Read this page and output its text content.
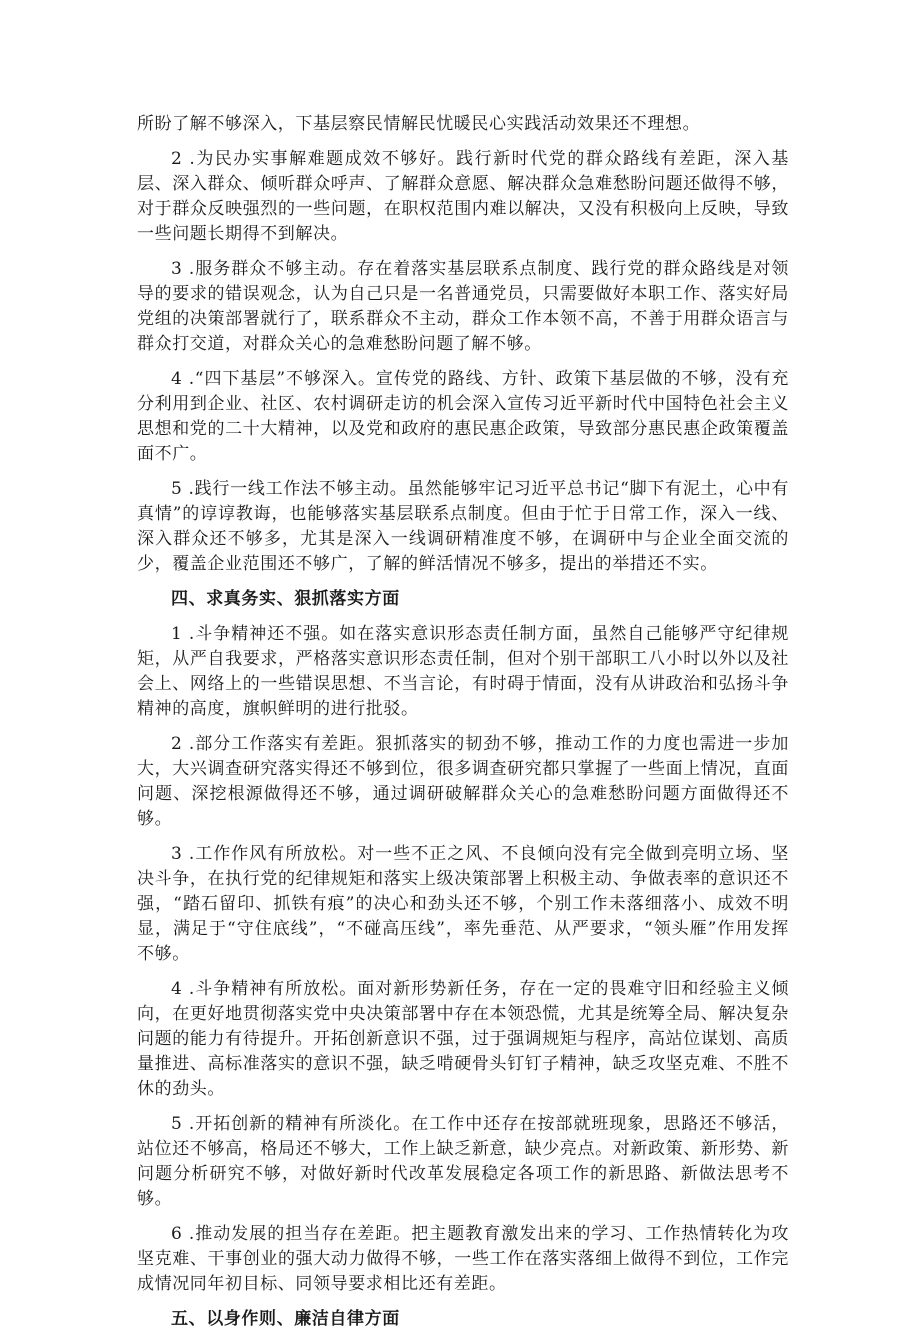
所盼了解不够深入，下基层察民情解民忧暖民心实践活动效果还不理想。

2 .为民办实事解难题成效不够好。践行新时代党的群众路线有差距，深入基层、深入群众、倾听群众呼声、了解群众意愿、解决群众急难愁盼问题还做得不够，对于群众反映强烈的一些问题，在职权范围内难以解决，又没有积极向上反映，导致一些问题长期得不到解决。

3 .服务群众不够主动。存在着落实基层联系点制度、践行党的群众路线是对领导的要求的错误观念，认为自己只是一名普通党员，只需要做好本职工作、落实好局党组的决策部署就行了，联系群众不主动，群众工作本领不高，不善于用群众语言与群众打交道，对群众关心的急难愁盼问题了解不够。

4 .“四下基层”不够深入。宣传党的路线、方针、政策下基层做的不够，没有充分利用到企业、社区、农村调研走访的机会深入宣传习近平新时代中国特色社会主义思想和党的二十大精神，以及党和政府的惠民惠企政策，导致部分惠民惠企政策覆盖面不广。

5 .践行一线工作法不够主动。虽然能够牢记习近平总书记“脚下有泥土，心中有真情”的谆谆教诲，也能够落实基层联系点制度。但由于忙于日常工作，深入一线、深入群众还不够多，尤其是深入一线调研精准度不够，在调研中与企业全面交流的少，覆盖企业范围还不够广，了解的鲜活情况不够多，提出的举措还不实。

四、求真务实、狠抓落实方面

1 .斗争精神还不强。如在落实意识形态责任制方面，虽然自己能够严守纪律规矩，从严自我要求，严格落实意识形态责任制，但对个别干部职工八小时以外以及社会上、网络上的一些错误思想、不当言论，有时碍于情面，没有从讲政治和弘扬斗争精神的高度，旗帜鲜明的进行批驳。

2 .部分工作落实有差距。狠抓落实的韧劲不够，推动工作的力度也需进一步加大，大兴调查研究落实得还不够到位，很多调查研究都只掌握了一些面上情况，直面问题、深挖根源做得还不够，通过调研破解群众关心的急难愁盼问题方面做得还不够。

3 .工作作风有所放松。对一些不正之风、不良倾向没有完全做到亮明立场、坚决斗争，在执行党的纪律规矩和落实上级决策部署上积极主动、争做表率的意识还不强，“踏石留印、抓铁有痕”的决心和劲头还不够，个别工作未落细落小、成效不明显，满足于“守住底线”，“不碰高压线”，率先垂范、从严要求，“领头雁”作用发挥不够。

4 .斗争精神有所放松。面对新形势新任务，存在一定的畏难守旧和经验主义倾向，在更好地贯彻落实党中央决策部署中存在本领恐慌，尤其是统筹全局、解决复杂问题的能力有待提升。开拓创新意识不强，过于强调规矩与程序，高站位谋划、高质量推进、高标准落实的意识不强，缺乏啃硬骨头钉钉子精神，缺乏攻坚克难、不胜不休的劲头。

5 .开拓创新的精神有所淡化。在工作中还存在按部就班现象，思路还不够活，站位还不够高，格局还不够大，工作上缺乏新意，缺少亮点。对新政策、新形势、新问题分析研究不够，对做好新时代改革发展稳定各项工作的新思路、新做法思考不够。

6 .推动发展的担当存在差距。把主题教育激发出来的学习、工作热情转化为攻坚克难、干事创业的强大动力做得不够，一些工作在落实落细上做得不到位，工作完成情况同年初目标、同领导要求相比还有差距。

五、以身作则、廉洁自律方面
